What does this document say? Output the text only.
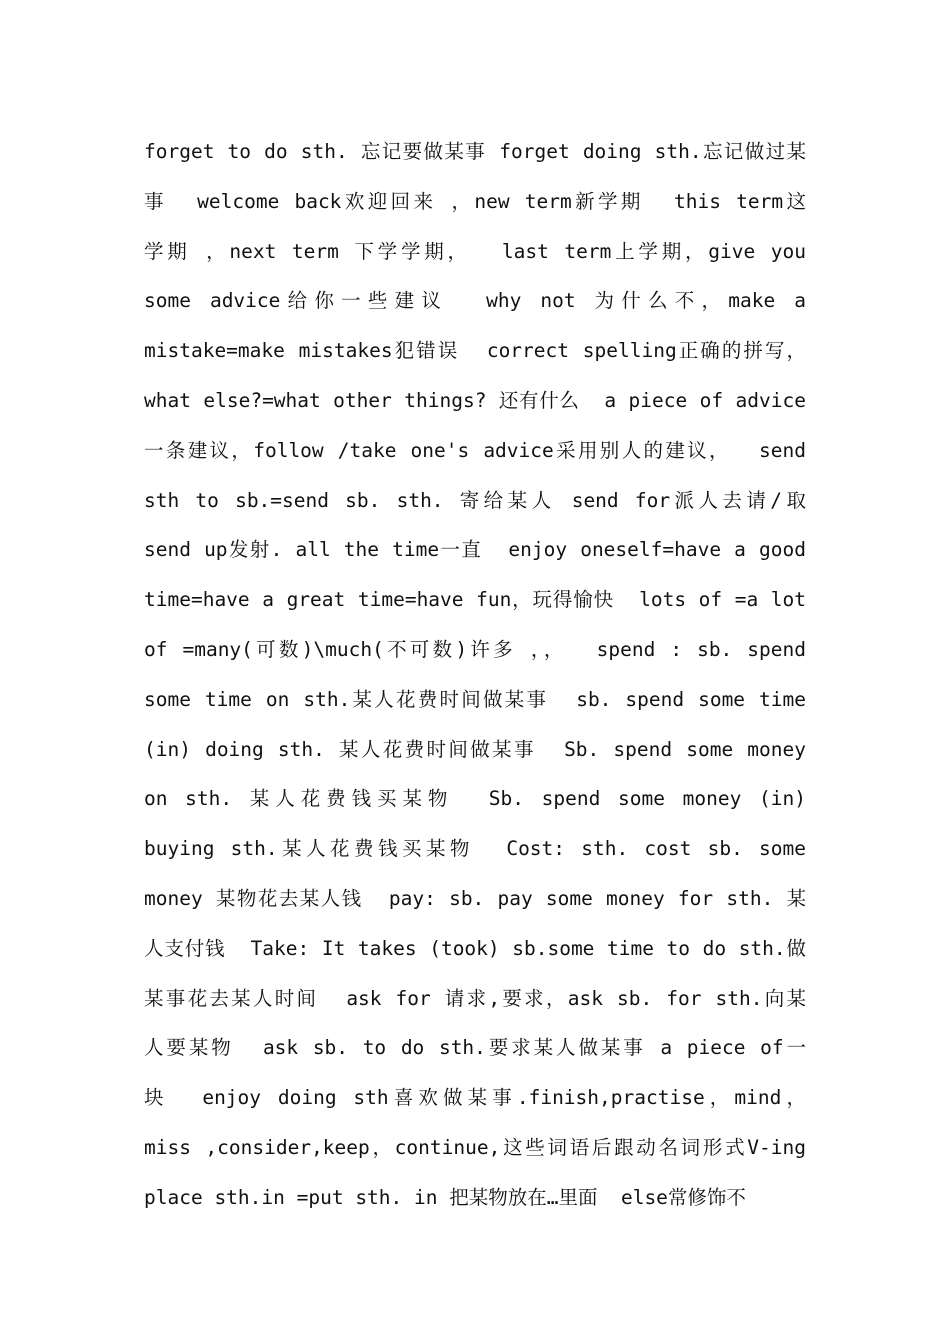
forget to do sth. 忘记要做某事 forget doing sth.忘记做过某
事  welcome back欢迎回来 ，new term新学期  this term这
学期 ，next term 下学学期，  last term上学期，give you
some advice给你一些建议  why not 为什么不，make a
mistake=make mistakes犯错误  correct spelling正确的拼写，
what else?=what other things? 还有什么  a piece of advice
一条建议，follow /take one's advice采用别人的建议，  send
sth to sb.=send sb. sth. 寄给某人 send for派人去请/取
send up发射. all the time一直  enjoy oneself=have a good
time=have a great time=have fun，玩得愉快  lots of =a lot
of =many(可数)\much(不可数)许多 ，，  spend : sb. spend
some time on sth.某人花费时间做某事  sb. spend some time
(in) doing sth. 某人花费时间做某事  Sb. spend some money
on sth. 某人花费钱买某物  Sb. spend some money (in)
buying sth.某人花费钱买某物  Cost: sth. cost sb. some
money 某物花去某人钱  pay: sb. pay some money for sth. 某
人支付钱  Take: It takes (took) sb.some time to do sth.做
某事花去某人时间  ask for 请求,要求，ask sb. for sth.向某
人要某物  ask sb. to do sth.要求某人做某事 a piece of一
块  enjoy doing sth喜欢做某事.finish,practise，mind，
miss ,consider,keep，continue,这些词语后跟动名词形式V-ing
place sth.in =put sth. in 把某物放在…里面  else常修饰不
